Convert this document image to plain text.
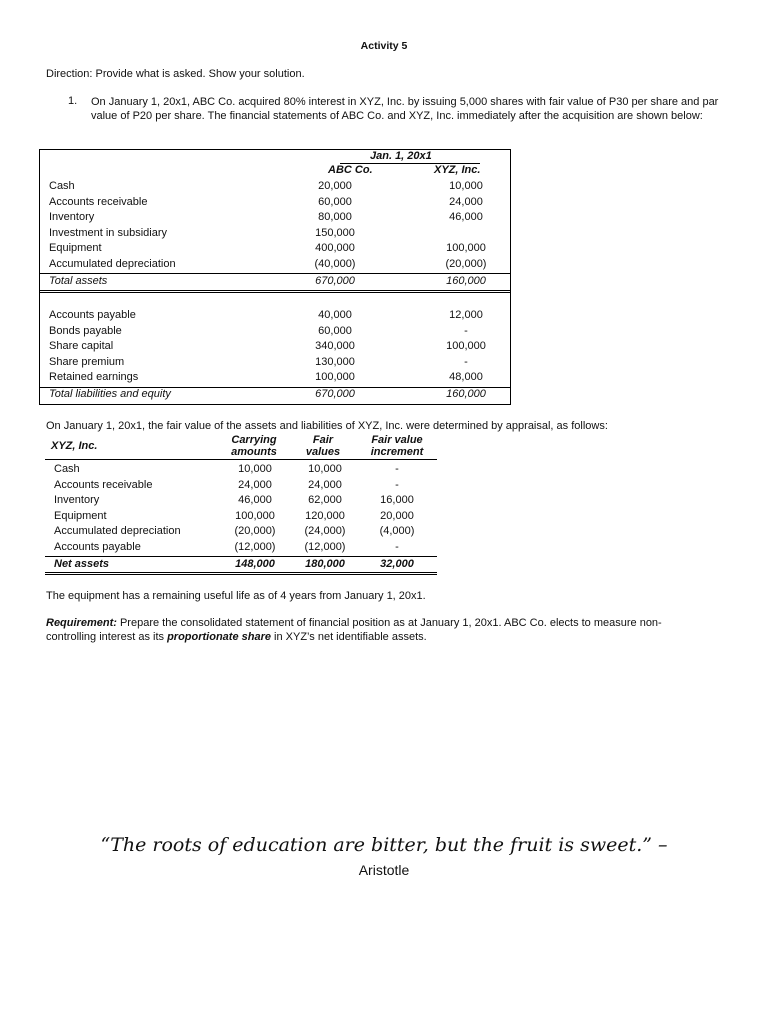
Activity 5
Direction: Provide what is asked. Show your solution.
1. On January 1, 20x1, ABC Co. acquired 80% interest in XYZ, Inc. by issuing 5,000 shares with fair value of P30 per share and par value of P20 per share. The financial statements of ABC Co. and XYZ, Inc. immediately after the acquisition are shown below:
Jan. 1, 20x1
ABC Co.	XYZ, Inc.
Cash	20,000	10,000
Accounts receivable	60,000	24,000
Inventory	80,000	46,000
Investment in subsidiary	150,000
Equipment	400,000	100,000
Accumulated depreciation	(40,000)	(20,000)
Total assets	670,000	160,000
Accounts payable	40,000	12,000
Bonds payable	60,000	-
Share capital	340,000	100,000
Share premium	130,000	-
Retained earnings	100,000	48,000
Total liabilities and equity	670,000	160,000
On January 1, 20x1, the fair value of the assets and liabilities of XYZ, Inc. were determined by appraisal, as follows:
XYZ, Inc.	Carrying amounts
Fair values
Fair value increment
Cash	10,000	10,000	-
Accounts receivable	24,000	24,000	-
Inventory	46,000	62,000	16,000
Equipment	100,000	120,000	20,000
Accumulated depreciation	(20,000)	(24,000)	(4,000)
Accounts payable	(12,000)	(12,000)	-
Net assets	148,000	180,000	32,000
The equipment has a remaining useful life as of 4 years from January 1, 20x1.
Requirement: Prepare the consolidated statement of financial position as at January 1, 20x1. ABC Co. elects to measure non-controlling interest as its proportionate share in XYZ’s net identifiable assets.
“The roots of education are bitter, but the fruit is sweet.” –
Aristotle
